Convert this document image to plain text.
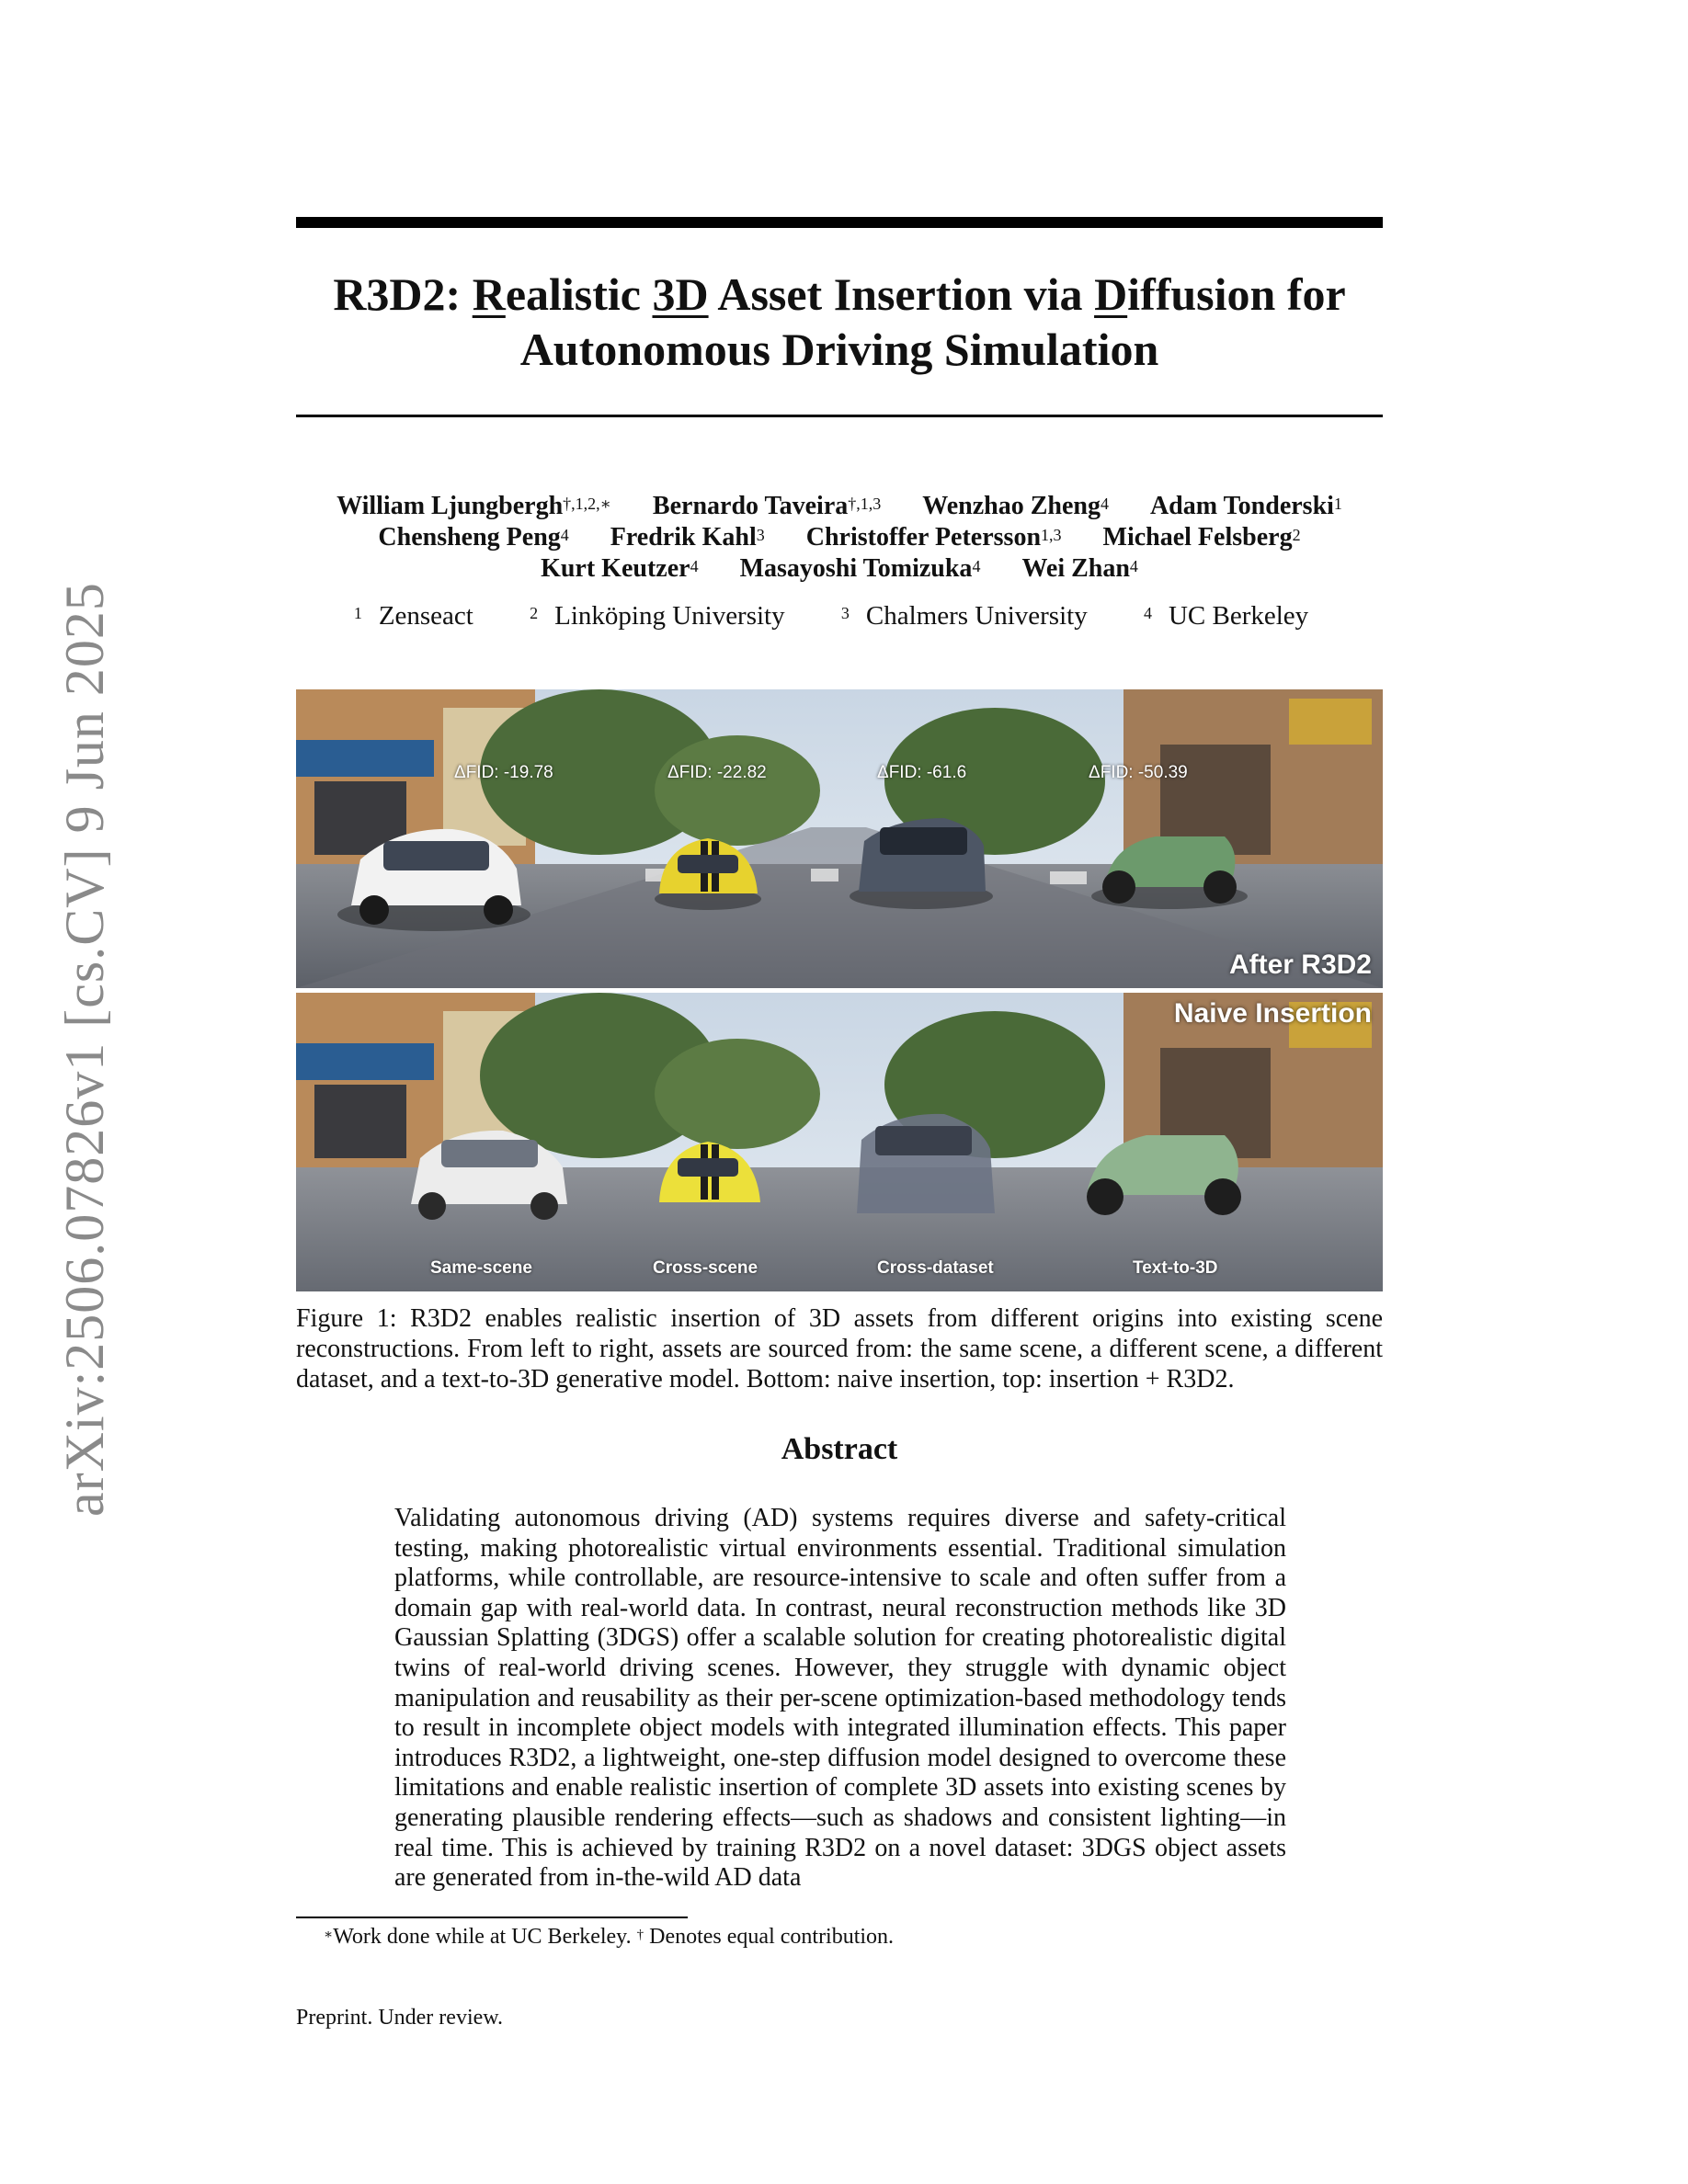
arXiv:2506.07826v1 [cs.CV] 9 Jun 2025
R3D2: Realistic 3D Asset Insertion via Diffusion for
Autonomous Driving Simulation
William Ljungbergh$^{\dagger,1,2,∗}$ Bernardo Taveira$^{\dagger,1,3}$ Wenzhao Zheng$^4$ Adam Tonderski$^1$
Chensheng Peng$^4$ Fredrik Kahl$^3$ Christoffer Petersson$^{1,3}$ Michael Felsberg$^2$
Kurt Keutzer$^4$ Masayoshi Tomizuka$^4$ Wei Zhan$^4$
$^1$ Zenseact	$^2$ Linköping University	$^3$ Chalmers University	$^4$ UC Berkeley
ΔFID: -19.78	ΔFID: -22.82	ΔFID: -61.6	ΔFID: -50.39
After R3D2
Naive Insertion
Same-scene	Cross-scene	Cross-dataset	Text-to-3D
Figure 1: R3D2 enables realistic insertion of 3D assets from different origins into existing scene reconstructions. From left to right, assets are sourced from: the same scene, a different scene, a different dataset, and a text-to-3D generative model. Bottom: naive insertion, top: insertion + R3D2.
Abstract
Validating autonomous driving (AD) systems requires diverse and safety-critical testing, making photorealistic virtual environments essential. Traditional simulation platforms, while controllable, are resource-intensive to scale and often suffer from a domain gap with real-world data. In contrast, neural reconstruction methods like 3D Gaussian Splatting (3DGS) offer a scalable solution for creating photorealistic digital twins of real-world driving scenes. However, they struggle with dynamic object manipulation and reusability as their per-scene optimization-based methodology tends to result in incomplete object models with integrated illumination effects. This paper introduces R3D2, a lightweight, one-step diffusion model designed to overcome these limitations and enable realistic insertion of complete 3D assets into existing scenes by generating plausible rendering effects—such as shadows and consistent lighting—in real time. This is achieved by training R3D2 on a novel dataset: 3DGS object assets are generated from in-the-wild AD data
∗Work done while at UC Berkeley. † Denotes equal contribution.
Preprint. Under review.
